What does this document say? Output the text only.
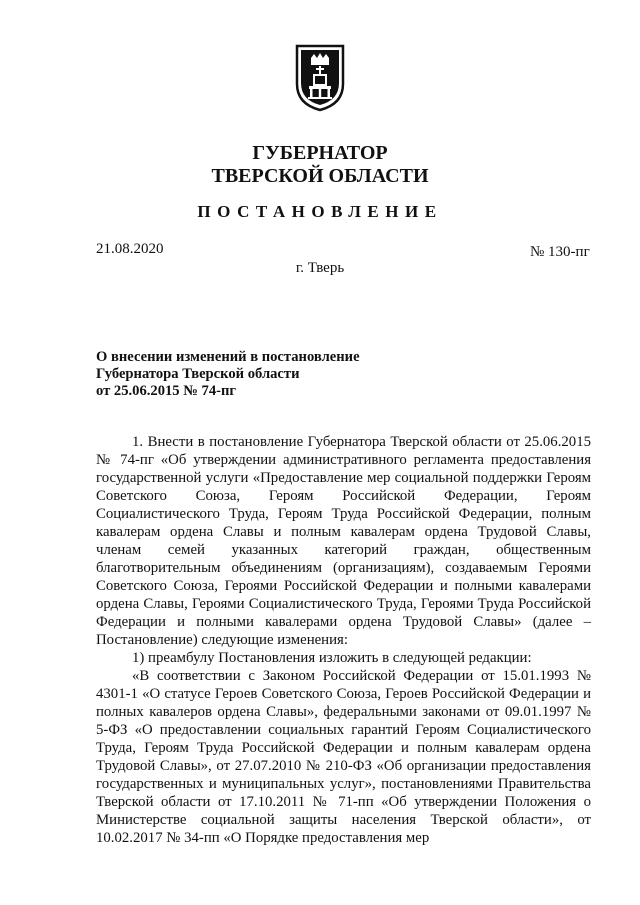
ГУБЕРНАТОР
ТВЕРСКОЙ ОБЛАСТИ
ПОСТАНОВЛЕНИЕ
21.08.2020	№ 130-пг
г. Тверь
О внесении изменений в постановление
Губернатора Тверской области
от 25.06.2015 № 74-пг

1. Внести в постановление Губернатора Тверской области от 25.06.2015 № 74-пг «Об утверждении административного регламента предоставления государственной услуги «Предоставление мер социальной поддержки Героям Советского Союза, Героям Российской Федерации, Героям Социалистического Труда, Героям Труда Российской Федерации, полным кавалерам ордена Славы и полным кавалерам ордена Трудовой Славы, членам семей указанных категорий граждан, общественным благотворительным объединениям (организациям), создаваемым Героями Советского Союза, Героями Российской Федерации и полными кавалерами ордена Славы, Героями Социалистического Труда, Героями Труда Российской Федерации и полными кавалерами ордена Трудовой Славы» (далее – Постановление) следующие изменения:

1) преамбулу Постановления изложить в следующей редакции:

«В соответствии с Законом Российской Федерации от 15.01.1993 № 4301-1 «О статусе Героев Советского Союза, Героев Российской Федерации и полных кавалеров ордена Славы», федеральными законами от 09.01.1997 № 5-ФЗ «О предоставлении социальных гарантий Героям Социалистического Труда, Героям Труда Российской Федерации и полным кавалерам ордена Трудовой Славы», от 27.07.2010 № 210-ФЗ «Об организации предоставления государственных и муниципальных услуг», постановлениями Правительства Тверской области от 17.10.2011 № 71-пп «Об утверждении Положения о Министерстве социальной защиты населения Тверской области», от 10.02.2017 № 34-пп «О Порядке предоставления мер
